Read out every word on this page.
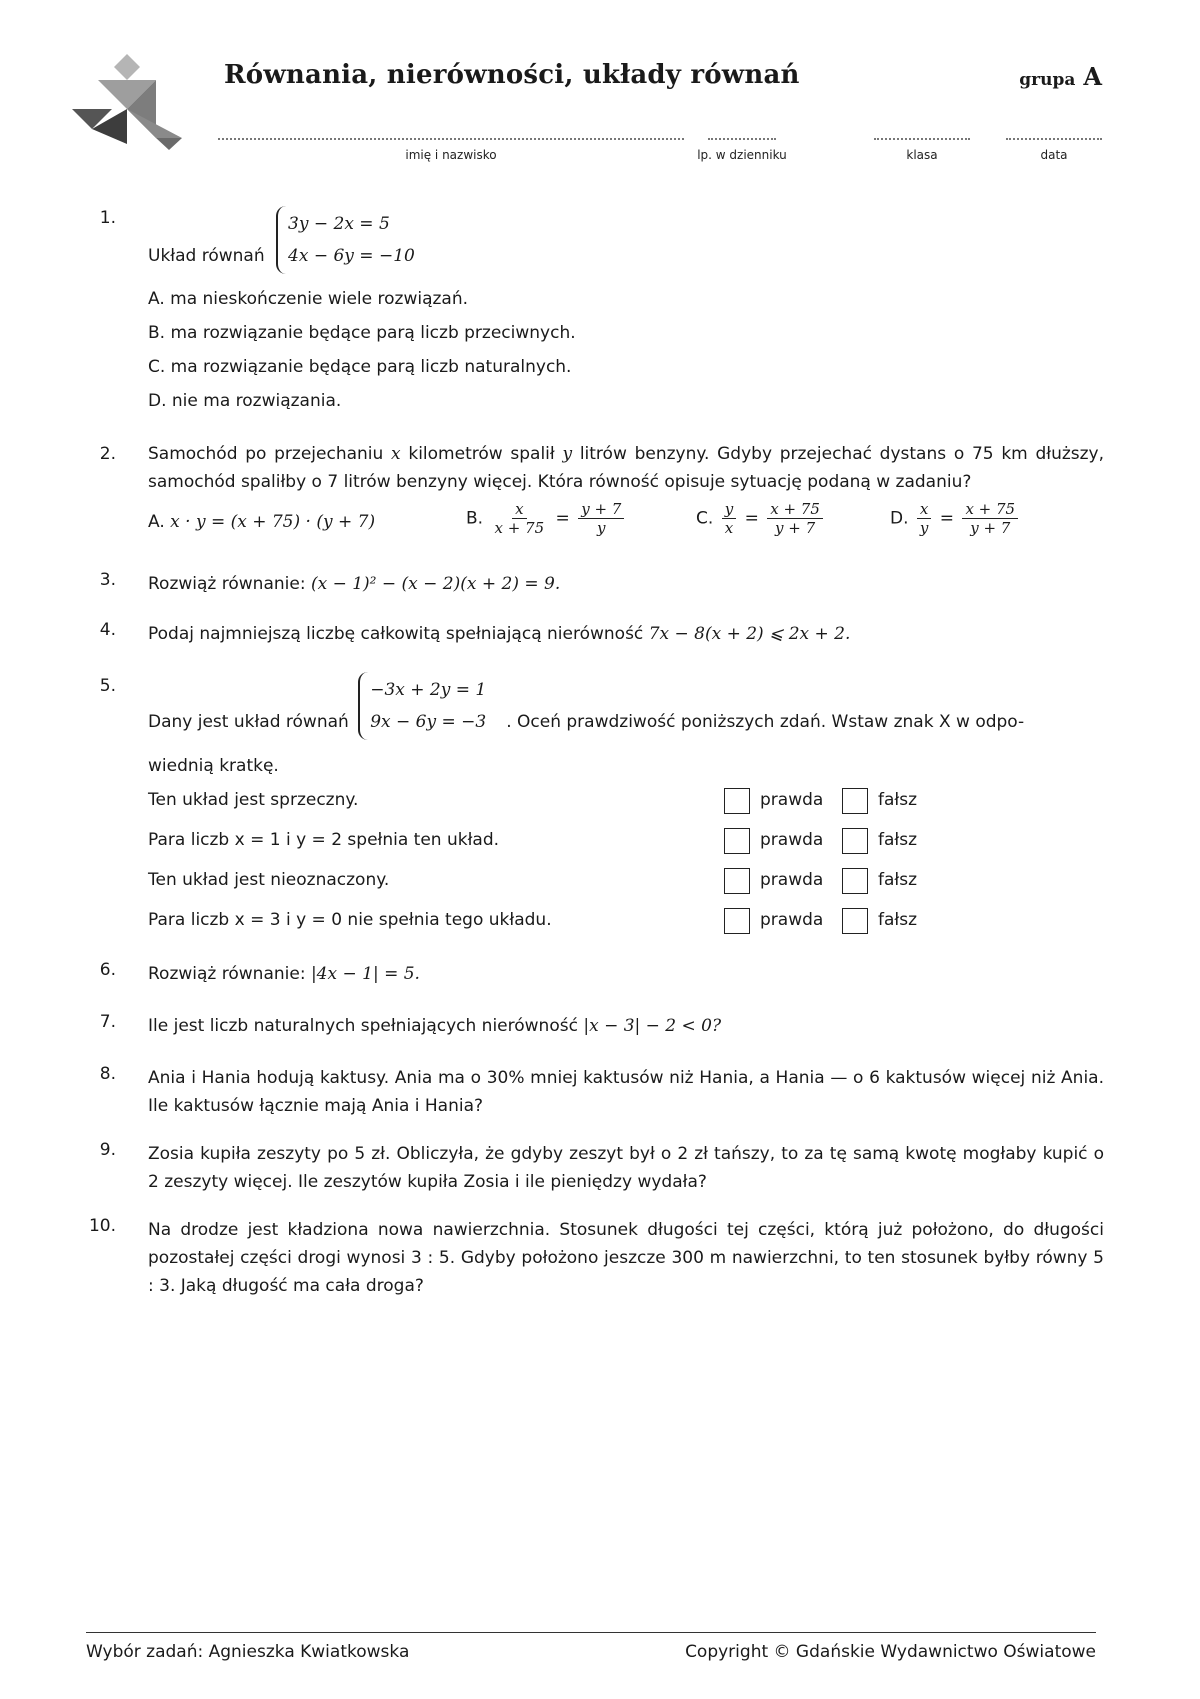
Równania, nierówności, układy równań	grupa A
imię i nazwisko	lp. w dzienniku	klasa	data
1.
Układ równań
3y − 2x = 5
4x − 6y = −10
A. ma nieskończenie wiele rozwiązań.
B. ma rozwiązanie będące parą liczb przeciwnych.
C. ma rozwiązanie będące parą liczb naturalnych.
D. nie ma rozwiązania.
2. Samochód po przejechaniu x kilometrów spalił y litrów benzyny. Gdyby przejechać dystans o 75 km dłuższy, samochód spaliłby o 7 litrów benzyny więcej. Która równość opisuje sytuację podaną w zadaniu?
A. x · y = (x + 75) · (y + 7)	B. $\frac{x}{x + 75} = \frac{y + 7}{y}$	C. $\frac{y}{x} = \frac{x + 75}{y + 7}$	D. $\frac{x}{y} = \frac{x + 75}{y + 7}$
3. Rozwiąż równanie: (x − 1)² − (x − 2)(x + 2) = 9.
4. Podaj najmniejszą liczbę całkowitą spełniającą nierówność 7x − 8(x + 2) ⩽ 2x + 2.
5.
Dany jest układ równań
−3x + 2y = 1
9x − 6y = −3 . Oceń prawdziwość poniższych zdań. Wstaw znak X w odpo-
wiednią kratkę.
Ten układ jest sprzeczny.	prawda	fałsz
Para liczb x = 1 i y = 2 spełnia ten układ.	prawda	fałsz
Ten układ jest nieoznaczony.	prawda	fałsz
Para liczb x = 3 i y = 0 nie spełnia tego układu.	prawda	fałsz
6. Rozwiąż równanie: |4x − 1| = 5.
7. Ile jest liczb naturalnych spełniających nierówność |x − 3| − 2 < 0?
8. Ania i Hania hodują kaktusy. Ania ma o 30% mniej kaktusów niż Hania, a Hania — o 6 kaktusów więcej niż Ania. Ile kaktusów łącznie mają Ania i Hania?
9. Zosia kupiła zeszyty po 5 zł. Obliczyła, że gdyby zeszyt był o 2 zł tańszy, to za tę samą kwotę mogłaby kupić o 2 zeszyty więcej. Ile zeszytów kupiła Zosia i ile pieniędzy wydała?
10. Na drodze jest kładziona nowa nawierzchnia. Stosunek długości tej części, którą już położono, do długości pozostałej części drogi wynosi 3 : 5. Gdyby położono jeszcze 300 m nawierzchni, to ten stosunek byłby równy 5 : 3. Jaką długość ma cała droga?
Wybór zadań: Agnieszka Kwiatkowska	Copyright © Gdańskie Wydawnictwo Oświatowe
